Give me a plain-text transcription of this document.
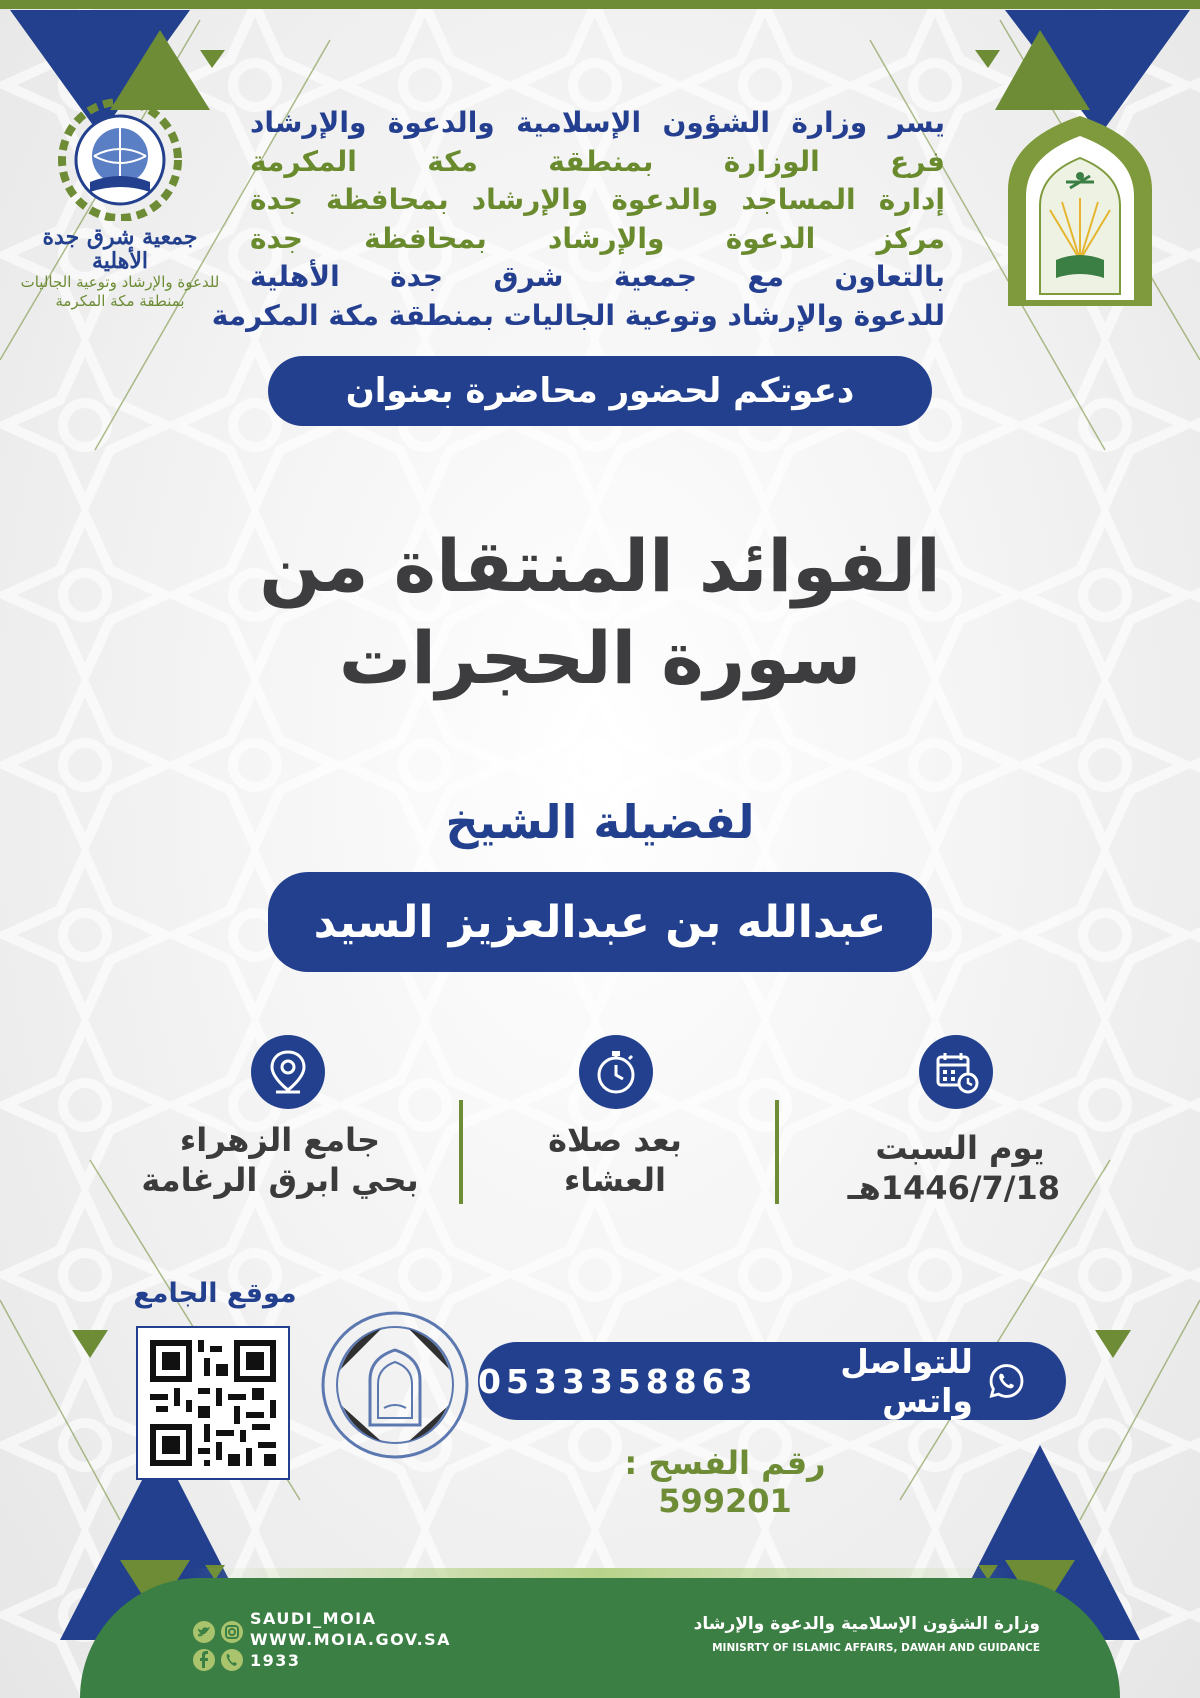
جمعية شرق جدة الأهلية
للدعوة والإرشاد وتوعية الجاليات
بمنطقة مكة المكرمة
يسر وزارة الشؤون الإسلامية والدعوة والإرشاد
فرع الوزارة بمنطقة مكة المكرمة
إدارة المساجد والدعوة والإرشاد بمحافظة جدة
مركز الدعوة والإرشاد بمحافظة جدة
بالتعاون مع جمعية شرق جدة الأهلية
للدعوة والإرشاد وتوعية الجاليات بمنطقة مكة المكرمة
دعوتكم لحضور محاضرة بعنوان
الفوائد المنتقاة من
سورة الحجرات
لفضيلة الشيخ
عبدالله بن عبدالعزيز السيد
يوم السبت
1446/7/18هـ
بعد صلاة
العشاء
جامع الزهراء
بحي ابرق الرغامة
موقع الجامع
للتواصل واتس
0533358863
رقم الفسح : 599201
SAUDI_MOIA
WWW.MOIA.GOV.SA
1933
وزارة الشؤون الإسلامية والدعوة والإرشاد
MINISRTY OF ISLAMIC AFFAIRS, DAWAH AND GUIDANCE
